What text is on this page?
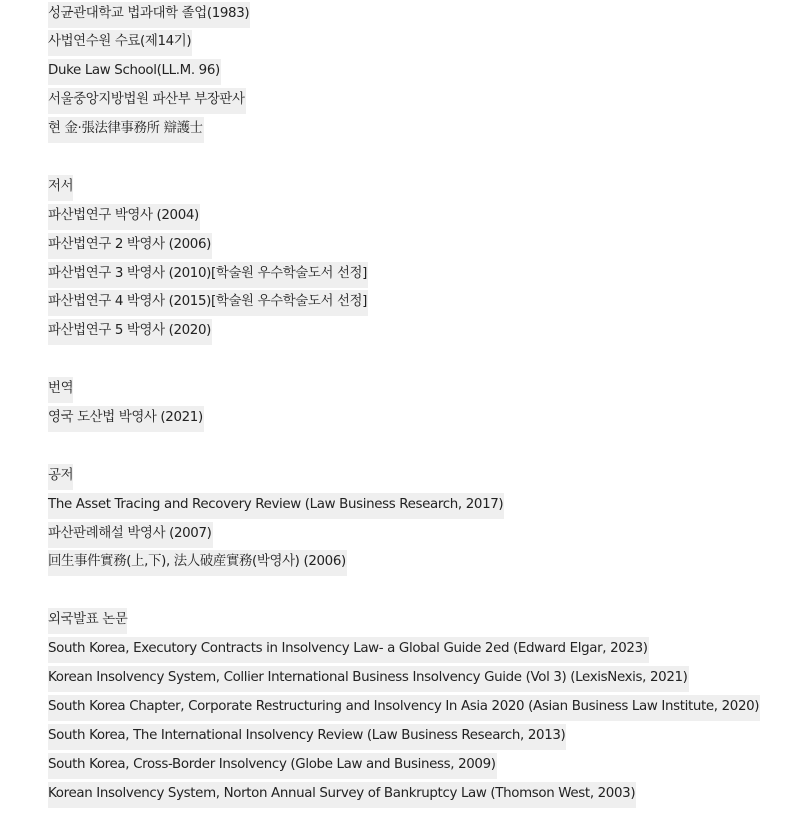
성균관대학교 법과대학 졸업(1983)
사법연수원 수료(제14기)
Duke Law School(LL.M. 96)
서울중앙지방법원 파산부 부장판사
현 金·張法律事務所 辯護士
저서
파산법연구 박영사 (2004)
파산법연구 2 박영사 (2006)
파산법연구 3 박영사 (2010)[학술원 우수학술도서 선정]
파산법연구 4 박영사 (2015)[학술원 우수학술도서 선정]
파산법연구 5 박영사 (2020)
번역
영국 도산법 박영사 (2021)
공저
The Asset Tracing and Recovery Review (Law Business Research, 2017)
파산판례해설 박영사 (2007)
回生事件實務(上,下), 法人破産實務(박영사) (2006)
외국발표 논문
South Korea, Executory Contracts in Insolvency Law- a Global Guide 2ed (Edward Elgar, 2023)
Korean Insolvency System, Collier International Business Insolvency Guide (Vol 3) (LexisNexis, 2021)
South Korea Chapter, Corporate Restructuring and Insolvency In Asia 2020 (Asian Business Law Institute, 2020)
South Korea, The International Insolvency Review (Law Business Research, 2013)
South Korea, Cross-Border Insolvency (Globe Law and Business, 2009)
Korean Insolvency System, Norton Annual Survey of Bankruptcy Law (Thomson West, 2003)
